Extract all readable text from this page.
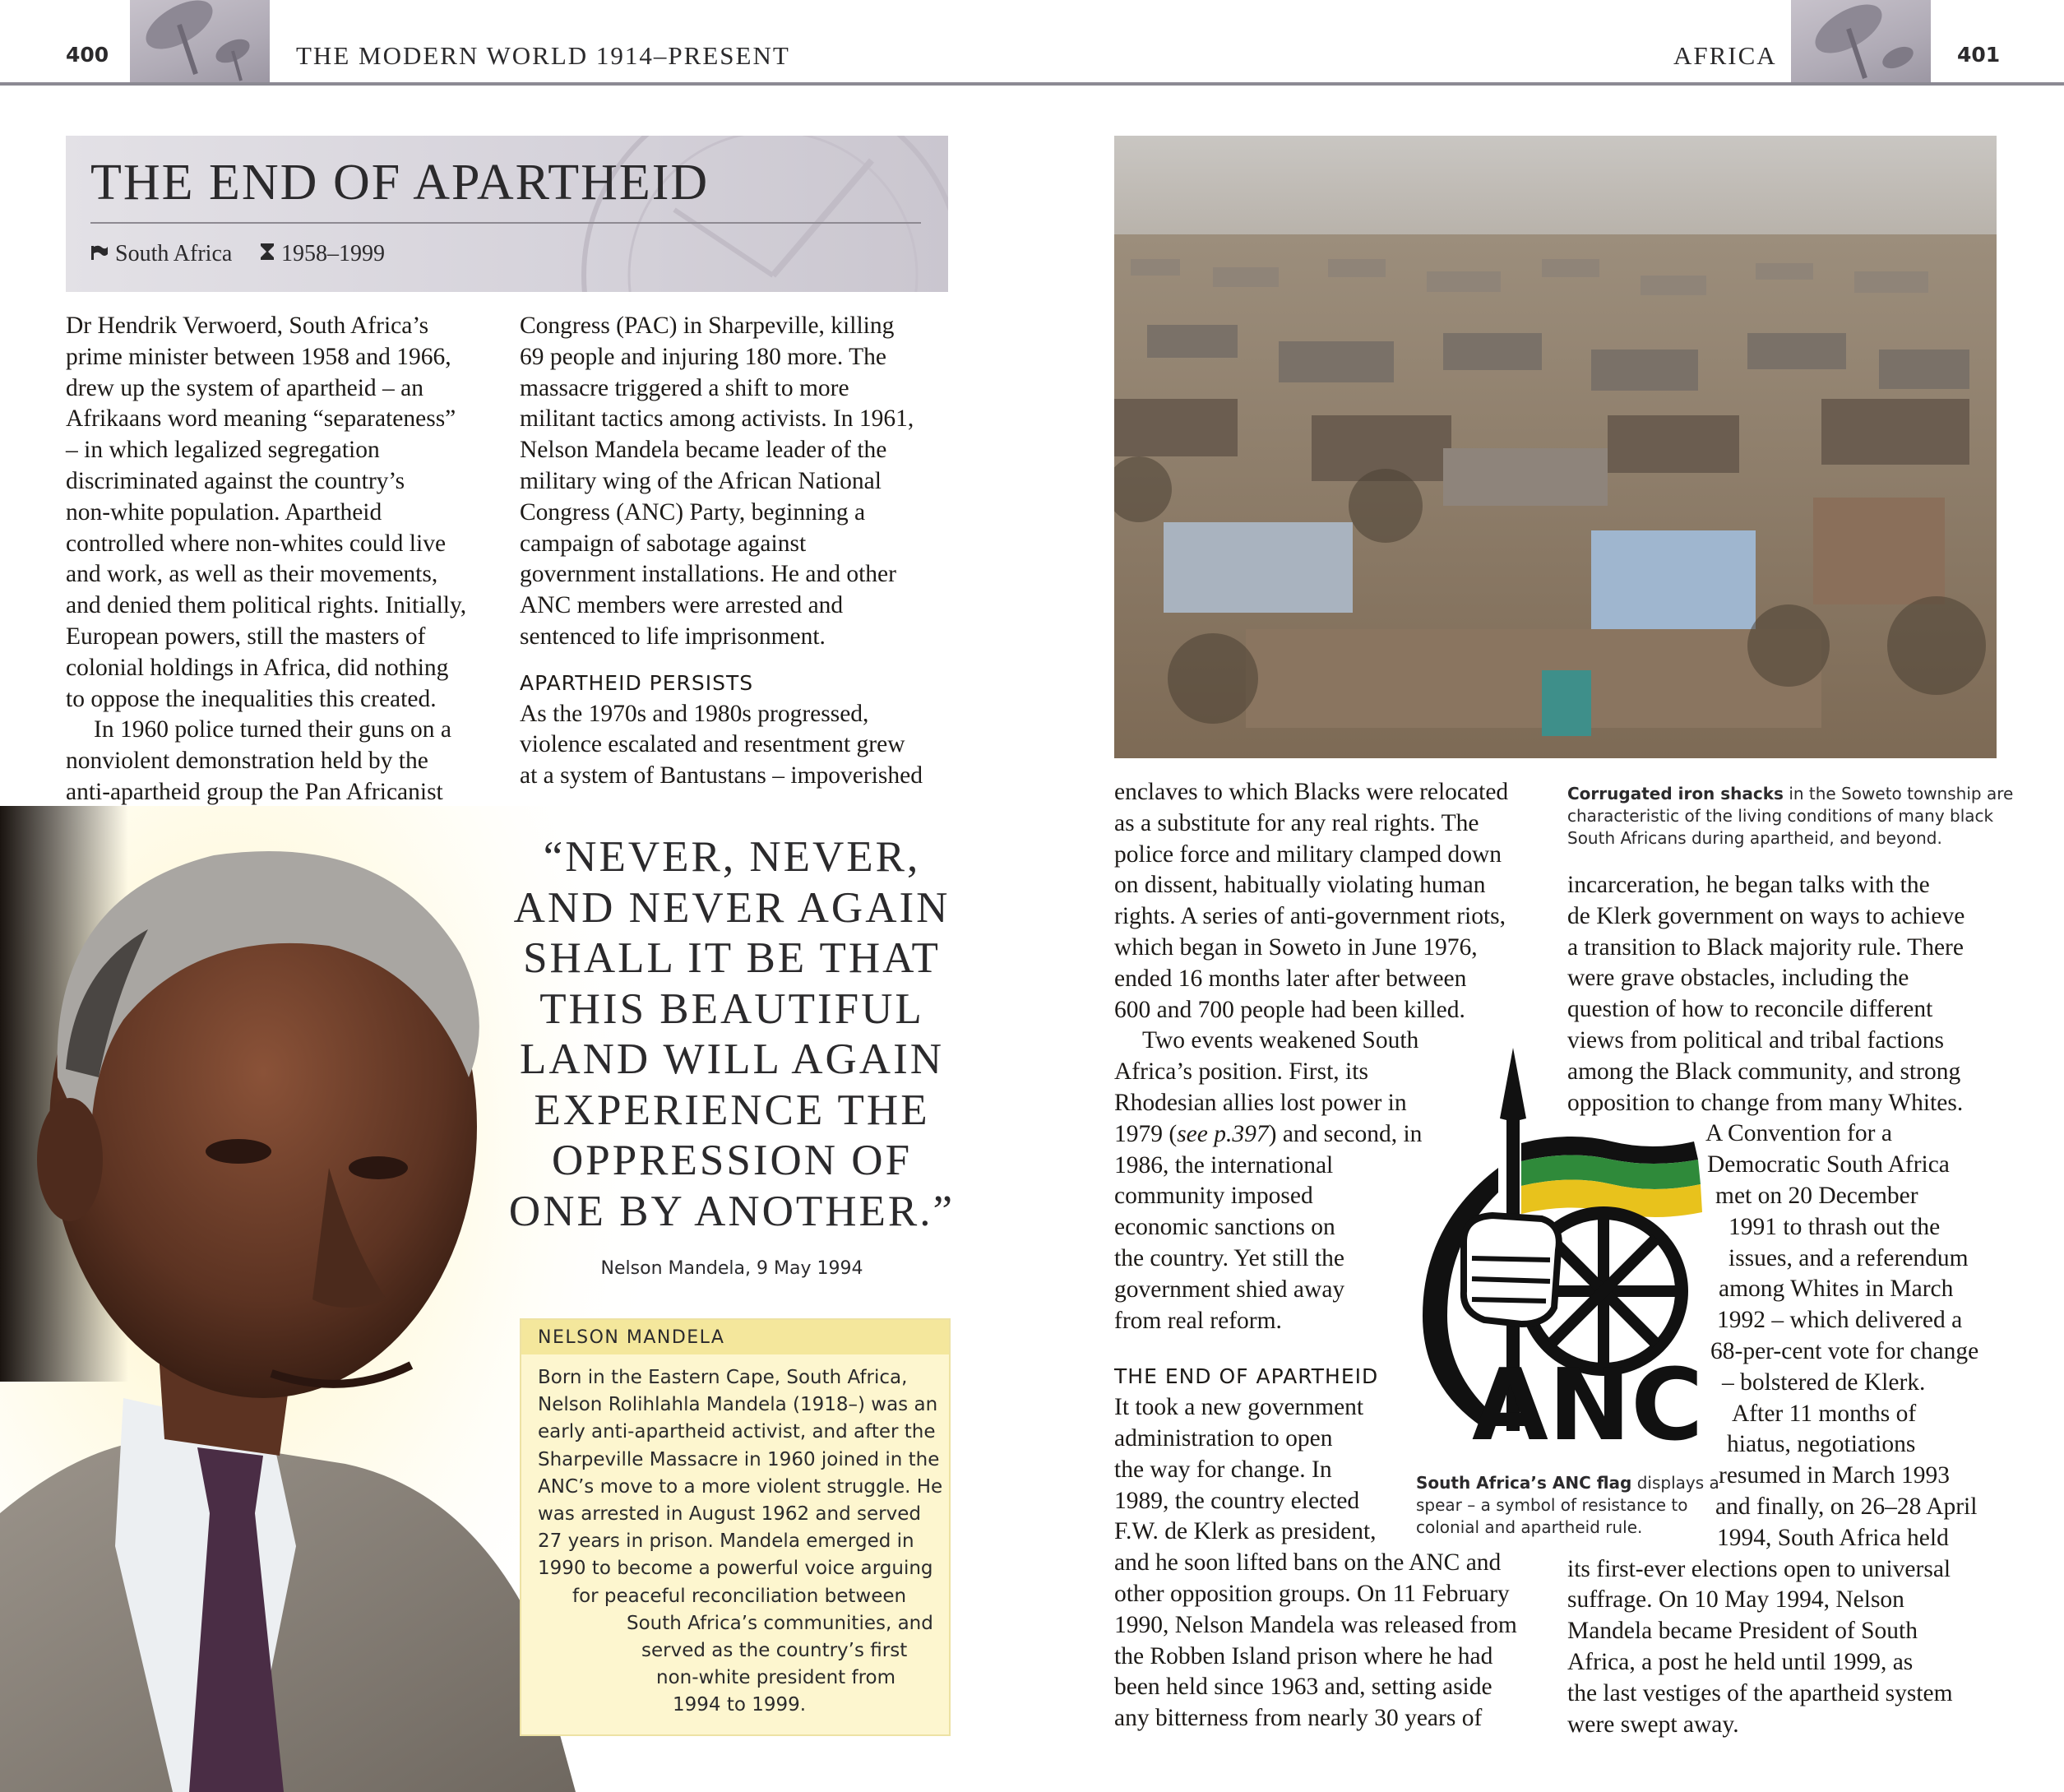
400	THE MODERN WORLD 1914–PRESENT	AFRICA	401
THE END OF APARTHEID
South Africa 1958–1999

Dr Hendrik Verwoerd, South Africa’s

prime minister between 1958 and 1966,

drew up the system of apartheid – an

Afrikaans word meaning “separateness”

– in which legalized segregation

discriminated against the country’s

non-white population. Apartheid

controlled where non-whites could live

and work, as well as their movements,

and denied them political rights. Initially,

European powers, still the masters of

colonial holdings in Africa, did nothing

to oppose the inequalities this created.

In 1960 police turned their guns on a

nonviolent demonstration held by the

anti-apartheid group the Pan Africanist

Congress (PAC) in Sharpeville, killing

69 people and injuring 180 more. The

massacre triggered a shift to more

militant tactics among activists. In 1961,

Nelson Mandela became leader of the

military wing of the African National

Congress (ANC) Party, beginning a

campaign of sabotage against

government installations. He and other

ANC members were arrested and

sentenced to life imprisonment.

APARTHEID PERSISTS

As the 1970s and 1980s progressed,

violence escalated and resentment grew

at a system of Bantustans – impoverished

“NEVER, NEVER,

AND NEVER AGAIN

SHALL IT BE THAT

THIS BEAUTIFUL

LAND WILL AGAIN

EXPERIENCE THE

OPPRESSION OF

ONE BY ANOTHER.”

Nelson Mandela, 9 May 1994
NELSON MANDELA

Born in the Eastern Cape, South Africa,

Nelson Rolihlahla Mandela (1918–) was an

early anti-apartheid activist, and after the

Sharpeville Massacre in 1960 joined in the

ANC’s move to a more violent struggle. He

was arrested in August 1962 and served

27 years in prison. Mandela emerged in

1990 to become a powerful voice arguing

for peaceful reconciliation between

South Africa’s communities, and

served as the country’s first

non-white president from

1994 to 1999.

Corrugated iron shacks in the Soweto township are

characteristic of the living conditions of many black

South Africans during apartheid, and beyond.

enclaves to which Blacks were relocated

as a substitute for any real rights. The

police force and military clamped down

on dissent, habitually violating human

rights. A series of anti-government riots,

which began in Soweto in June 1976,

ended 16 months later after between

600 and 700 people had been killed.

Two events weakened South

Africa’s position. First, its

Rhodesian allies lost power in

1979 (see p.397) and second, in

1986, the international

community imposed

economic sanctions on

the country. Yet still the

government shied away

from real reform.

THE END OF APARTHEID

It took a new government

administration to open

the way for change. In

1989, the country elected

F.W. de Klerk as president,

and he soon lifted bans on the ANC and

other opposition groups. On 11 February

1990, Nelson Mandela was released from

the Robben Island prison where he had

been held since 1963 and, setting aside

any bitterness from nearly 30 years of

incarceration, he began talks with the

de Klerk government on ways to achieve

a transition to Black majority rule. There

were grave obstacles, including the

question of how to reconcile different

views from political and tribal factions

among the Black community, and strong

opposition to change from many Whites.

A Convention for a

Democratic South Africa

met on 20 December

1991 to thrash out the

issues, and a referendum

among Whites in March

1992 – which delivered a

68-per-cent vote for change

– bolstered de Klerk.

After 11 months of

hiatus, negotiations

resumed in March 1993

and finally, on 26–28 April

1994, South Africa held

its first-ever elections open to universal

suffrage. On 10 May 1994, Nelson

Mandela became President of South

Africa, a post he held until 1999, as

the last vestiges of the apartheid system

were swept away.

ANC

South Africa’s ANC flag displays a

spear – a symbol of resistance to

colonial and apartheid rule.
